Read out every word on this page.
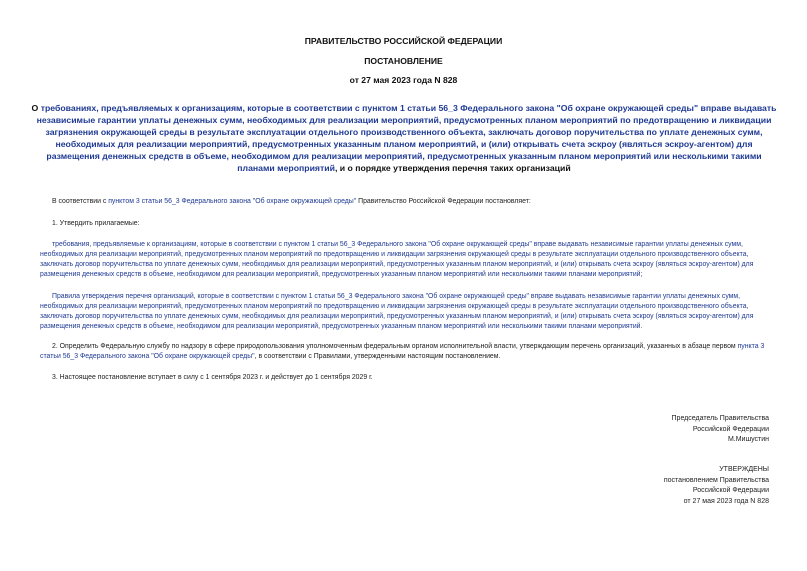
ПРАВИТЕЛЬСТВО РОССИЙСКОЙ ФЕДЕРАЦИИ
ПОСТАНОВЛЕНИЕ
от 27 мая 2023 года N 828
О требованиях, предъявляемых к организациям, которые в соответствии с пунктом 1 статьи 56_3 Федерального закона "Об охране окружающей среды" вправе выдавать независимые гарантии уплаты денежных сумм, необходимых для реализации мероприятий, предусмотренных планом мероприятий по предотвращению и ликвидации загрязнения окружающей среды в результате эксплуатации отдельного производственного объекта, заключать договор поручительства по уплате денежных сумм, необходимых для реализации мероприятий, предусмотренных указанным планом мероприятий, и (или) открывать счета эскроу (являться эскроу-агентом) для размещения денежных средств в объеме, необходимом для реализации мероприятий, предусмотренных указанным планом мероприятий или несколькими такими планами мероприятий, и о порядке утверждения перечня таких организаций
В соответствии с пунктом 3 статьи 56_3 Федерального закона "Об охране окружающей среды" Правительство Российской Федерации постановляет:
1. Утвердить прилагаемые:
требования, предъявляемые к организациям, которые в соответствии с пунктом 1 статьи 56_3 Федерального закона "Об охране окружающей среды" вправе выдавать независимые гарантии уплаты денежных сумм, необходимых для реализации мероприятий, предусмотренных планом мероприятий по предотвращению и ликвидации загрязнения окружающей среды в результате эксплуатации отдельного производственного объекта, заключать договор поручительства по уплате денежных сумм, необходимых для реализации мероприятий, предусмотренных указанным планом мероприятий, и (или) открывать счета эскроу (являться эскроу-агентом) для размещения денежных средств в объеме, необходимом для реализации мероприятий, предусмотренных указанным планом мероприятий или несколькими такими планами мероприятий;
Правила утверждения перечня организаций, которые в соответствии с пунктом 1 статьи 56_3 Федерального закона "Об охране окружающей среды" вправе выдавать независимые гарантии уплаты денежных сумм, необходимых для реализации мероприятий, предусмотренных планом мероприятий по предотвращению и ликвидации загрязнения окружающей среды в результате эксплуатации отдельного производственного объекта, заключать договор поручительства по уплате денежных сумм, необходимых для реализации мероприятий, предусмотренных указанным планом мероприятий, и (или) открывать счета эскроу (являться эскроу-агентом) для размещения денежных средств в объеме, необходимом для реализации мероприятий, предусмотренных указанным планом мероприятий или несколькими такими планами мероприятий.
2. Определить Федеральную службу по надзору в сфере природопользования уполномоченным федеральным органом исполнительной власти, утверждающим перечень организаций, указанных в абзаце первом пункта 3 статьи 56_3 Федерального закона "Об охране окружающей среды", в соответствии с Правилами, утвержденными настоящим постановлением.
3. Настоящее постановление вступает в силу с 1 сентября 2023 г. и действует до 1 сентября 2029 г.
Председатель Правительства
Российской Федерации
М.Мишустин
УТВЕРЖДЕНЫ
постановлением Правительства
Российской Федерации
от 27 мая 2023 года N 828
